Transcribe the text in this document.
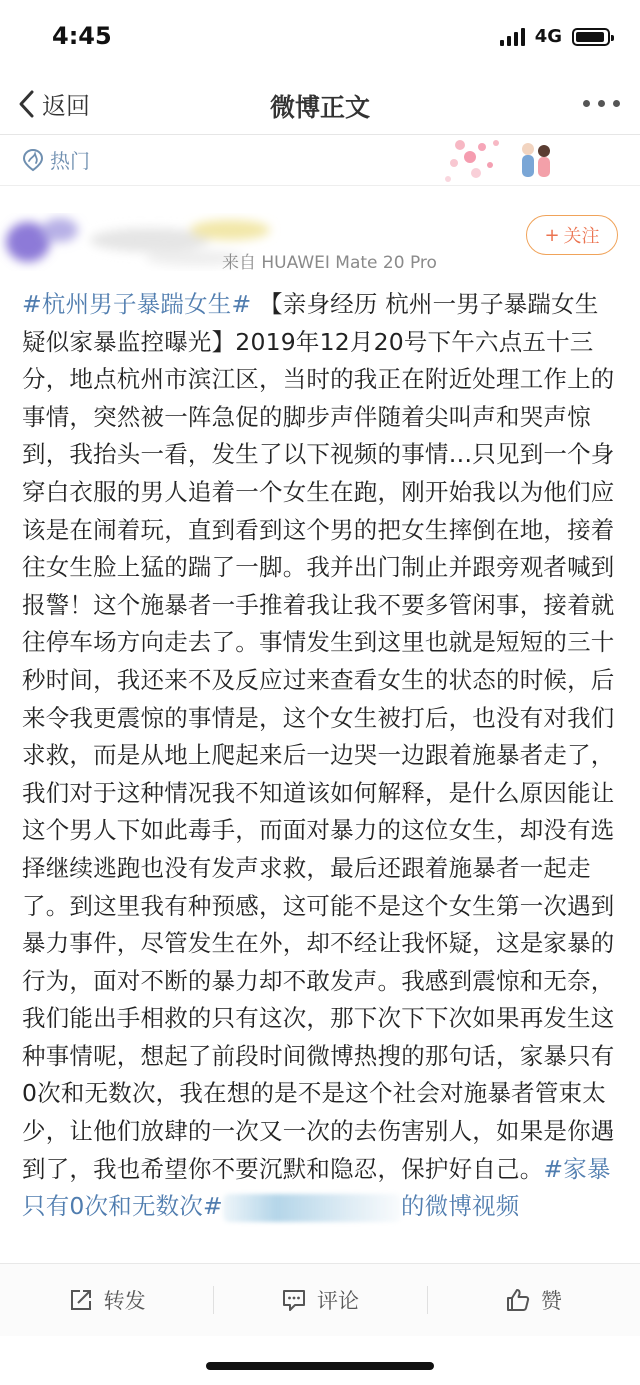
4:45	4G
返回	微博正文
热门
来自 HUAWEI Mate 20 Pro
+ 关注
#杭州男子暴踹女生# 【亲身经历 杭州一男子暴踹女生疑似家暴监控曝光】2019年12月20号下午六点五十三分，地点杭州市滨江区，当时的我正在附近处理工作上的事情，突然被一阵急促的脚步声伴随着尖叫声和哭声惊到，我抬头一看，发生了以下视频的事情…只见到一个身穿白衣服的男人追着一个女生在跑，刚开始我以为他们应该是在闹着玩，直到看到这个男的把女生摔倒在地，接着往女生脸上猛的踹了一脚。我并出门制止并跟旁观者喊到报警！这个施暴者一手推着我让我不要多管闲事，接着就往停车场方向走去了。事情发生到这里也就是短短的三十秒时间，我还来不及反应过来查看女生的状态的时候，后来令我更震惊的事情是，这个女生被打后，也没有对我们求救，而是从地上爬起来后一边哭一边跟着施暴者走了，我们对于这种情况我不知道该如何解释，是什么原因能让这个男人下如此毒手，而面对暴力的这位女生，却没有选择继续逃跑也没有发声求救，最后还跟着施暴者一起走了。到这里我有种预感，这可能不是这个女生第一次遇到暴力事件，尽管发生在外，却不经让我怀疑，这是家暴的行为，面对不断的暴力却不敢发声。我感到震惊和无奈，我们能出手相救的只有这次，那下次下下次如果再发生这种事情呢，想起了前段时间微博热搜的那句话，家暴只有0次和无数次，我在想的是不是这个社会对施暴者管束太少，让他们放肆的一次又一次的去伤害别人，如果是你遇到了，我也希望你不要沉默和隐忍，保护好自己。#家暴只有0次和无数次#	的微博视频
转发	评论	赞
